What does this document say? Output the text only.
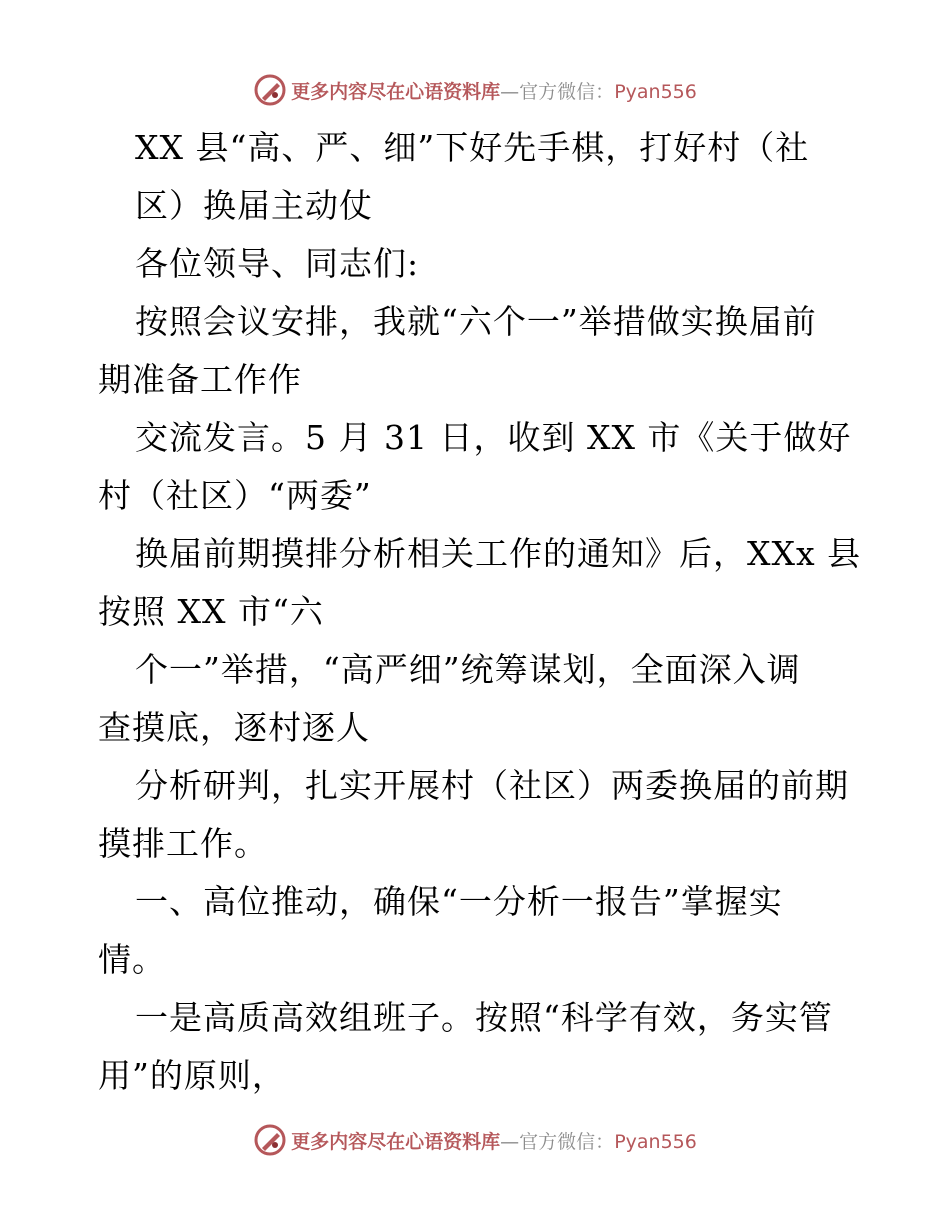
更多内容尽在心语资料库—官方微信：Pyan556
XX 县“高、严、细”下好先手棋，打好村（社
区）换届主动仗
各位领导、同志们:
按照会议安排，我就“六个一”举措做实换届前
期准备工作作
交流发言。5 月 31 日，收到 XX 市《关于做好
村（社区）“两委”
换届前期摸排分析相关工作的通知》后，XXx 县
按照 XX 市“六
个一”举措，“高严细”统筹谋划，全面深入调
查摸底，逐村逐人
分析研判，扎实开展村（社区）两委换届的前期
摸排工作。
一、高位推动，确保“一分析一报告”掌握实
情。
一是高质高效组班子。按照“科学有效，务实管
用”的原则，
更多内容尽在心语资料库—官方微信：Pyan556
